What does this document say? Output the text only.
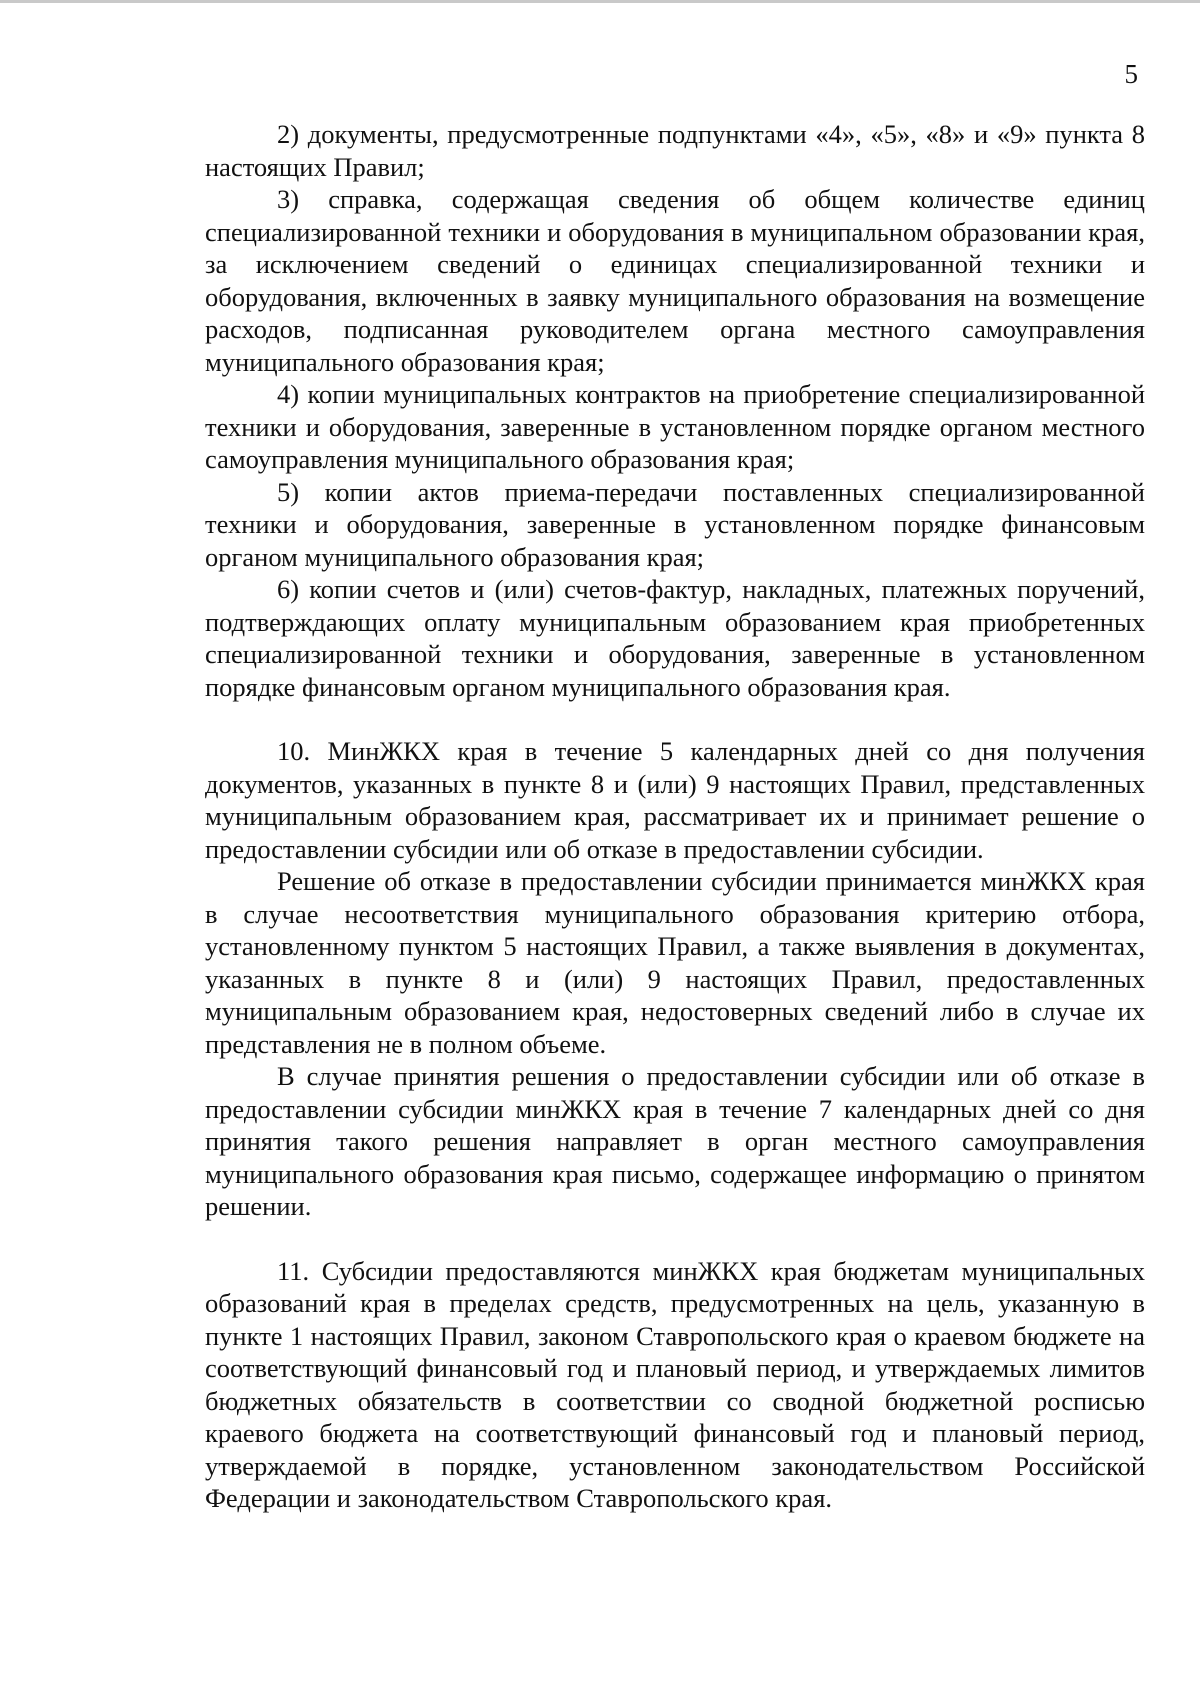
5

2) документы, предусмотренные подпунктами «4», «5», «8» и «9» пункта 8 настоящих Правил;

3) справка, содержащая сведения об общем количестве единиц специализированной техники и оборудования в муниципальном образовании края, за исключением сведений о единицах специализированной техники и оборудования, включенных в заявку муниципального образования на возмещение расходов, подписанная руководителем органа местного самоуправления муниципального образования края;

4) копии муниципальных контрактов на приобретение специализированной техники и оборудования, заверенные в установленном порядке органом местного самоуправления муниципального образования края;

5) копии актов приема-передачи поставленных специализированной техники и оборудования, заверенные в установленном порядке финансовым органом муниципального образования края;

6) копии счетов и (или) счетов-фактур, накладных, платежных поручений, подтверждающих оплату муниципальным образованием края приобретенных специализированной техники и оборудования, заверенные в установленном порядке финансовым органом муниципального образования края.

10. МинЖКХ края в течение 5 календарных дней со дня получения документов, указанных в пункте 8 и (или) 9 настоящих Правил, представленных муниципальным образованием края, рассматривает их и принимает решение о предоставлении субсидии или об отказе в предоставлении субсидии.

Решение об отказе в предоставлении субсидии принимается минЖКХ края в случае несоответствия муниципального образования критерию отбора, установленному пунктом 5 настоящих Правил, а также выявления в документах, указанных в пункте 8 и (или) 9 настоящих Правил, предоставленных муниципальным образованием края, недостоверных сведений либо в случае их представления не в полном объеме.

В случае принятия решения о предоставлении субсидии или об отказе в предоставлении субсидии минЖКХ края в течение 7 календарных дней со дня принятия такого решения направляет в орган местного самоуправления муниципального образования края письмо, содержащее информацию о принятом решении.

11. Субсидии предоставляются минЖКХ края бюджетам муниципальных образований края в пределах средств, предусмотренных на цель, указанную в пункте 1 настоящих Правил, законом Ставропольского края о краевом бюджете на соответствующий финансовый год и плановый период, и утверждаемых лимитов бюджетных обязательств в соответствии со сводной бюджетной росписью краевого бюджета на соответствующий финансовый год и плановый период, утверждаемой в порядке, установленном законодательством Российской Федерации и законодательством Ставропольского края.
